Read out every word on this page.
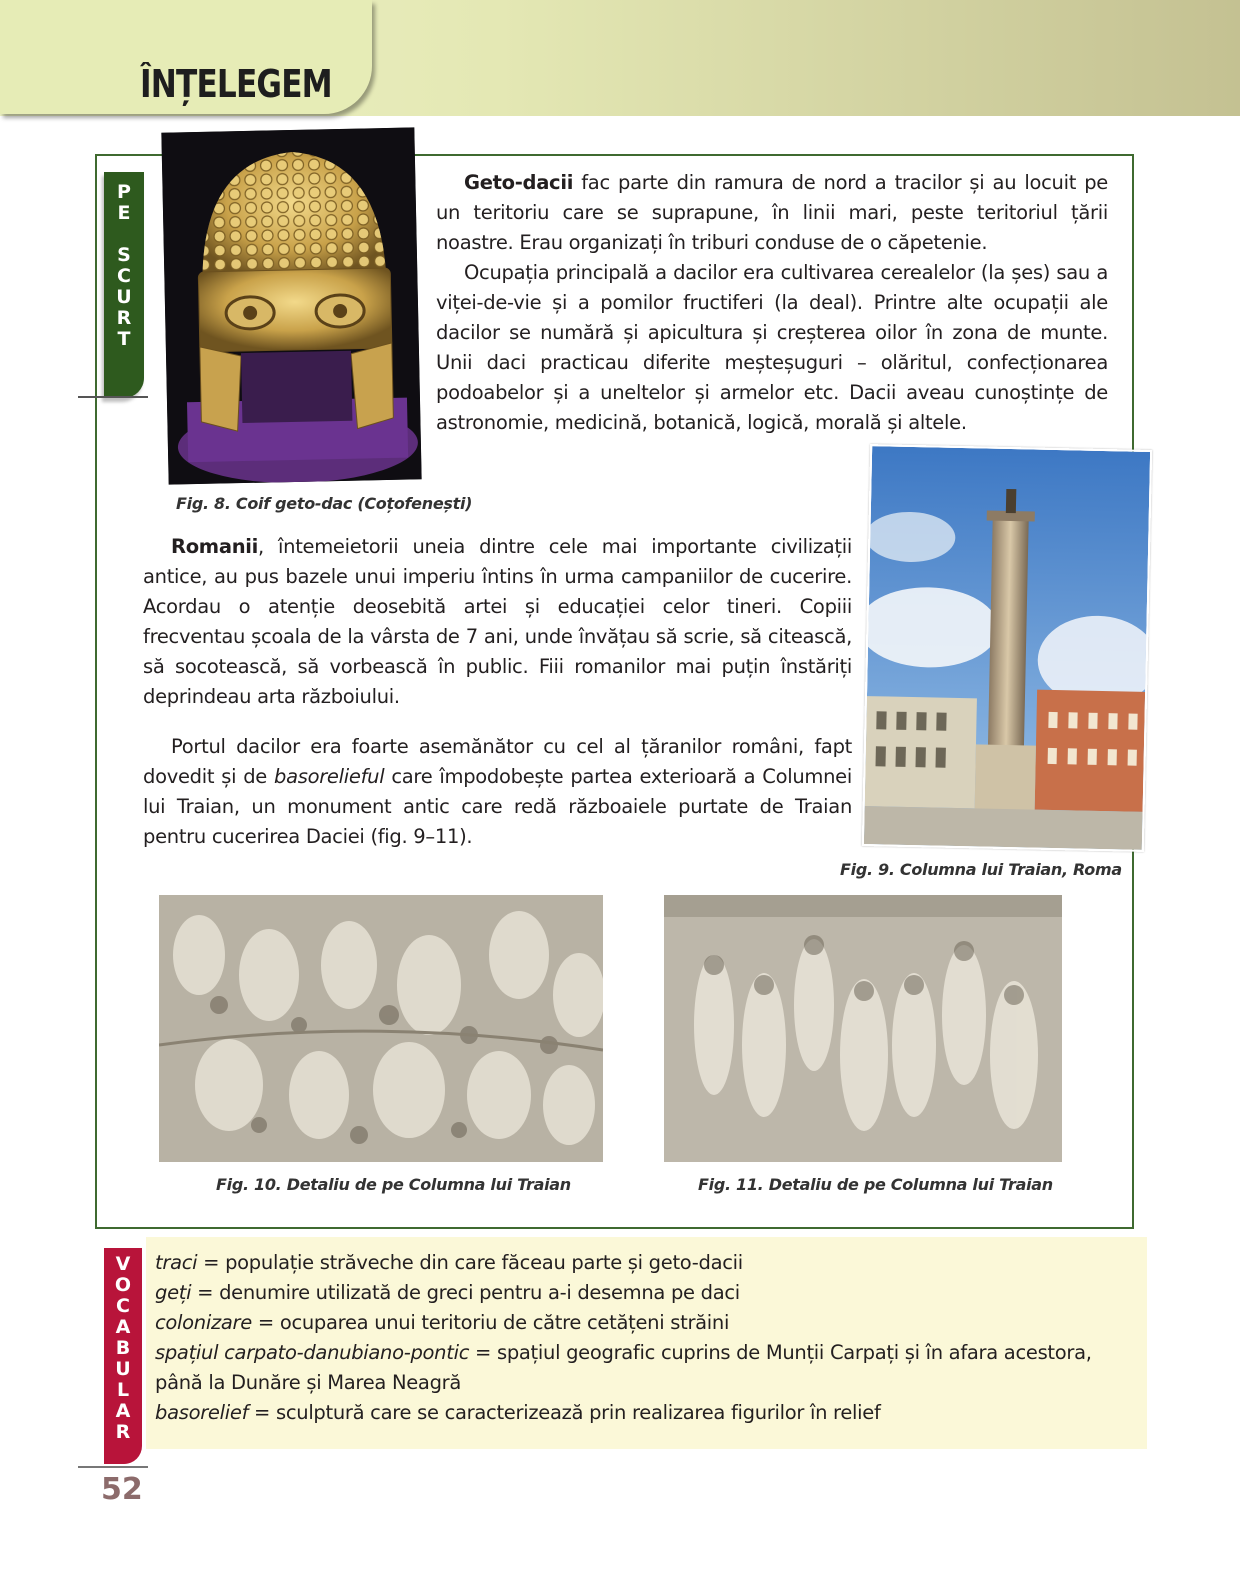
ÎNȚELEGEM
P
E
S
C
U
R
T

Geto-dacii fac parte din ramura de nord a tracilor și au locuit pe un teritoriu care se suprapune, în linii mari, peste teritoriul țării noastre. Erau organizați în triburi conduse de o căpetenie.

Ocupația principală a dacilor era cultivarea cerealelor (la șes) sau a viței-de-vie și a pomilor fructiferi (la deal). Printre alte ocupații ale dacilor se numără și apicultura și creșterea oilor în zona de munte. Unii daci practicau diferite meșteșuguri – olăritul, confecționarea podoabelor și a uneltelor și armelor etc. Dacii aveau cunoștințe de astronomie, medicină, botanică, logică, morală și altele.

Fig. 8. Coif geto-dac (Coțofenești)

Romanii, întemeietorii uneia dintre cele mai importante civilizații antice, au pus bazele unui imperiu întins în urma campaniilor de cucerire. Acordau o atenție deosebită artei și educației celor tineri. Copiii frecventau școala de la vârsta de 7 ani, unde învățau să scrie, să citească, să socotească, să vorbească în public. Fiii romanilor mai puțin înstăriți deprindeau arta războiului.

Portul dacilor era foarte asemănător cu cel al țăranilor români, fapt dovedit și de basorelieful care împodobește partea exterioară a Columnei lui Traian, un monument antic care redă războaiele purtate de Traian pentru cucerirea Daciei (fig. 9–11).

Fig. 9. Columna lui Traian, Roma
Fig. 10. Detaliu de pe Columna lui Traian	Fig. 11. Detaliu de pe Columna lui Traian
traci = populație străveche din care făceau parte și geto-dacii
geți = denumire utilizată de greci pentru a-i desemna pe daci
colonizare = ocuparea unui teritoriu de către cetățeni străini
spațiul carpato-danubiano-pontic = spațiul geografic cuprins de Munții Carpați și în afara acestora,
până la Dunăre și Marea Neagră
basorelief = sculptură care se caracterizează prin realizarea figurilor în relief
V
O
C
A
B
U
L
A
R
52
